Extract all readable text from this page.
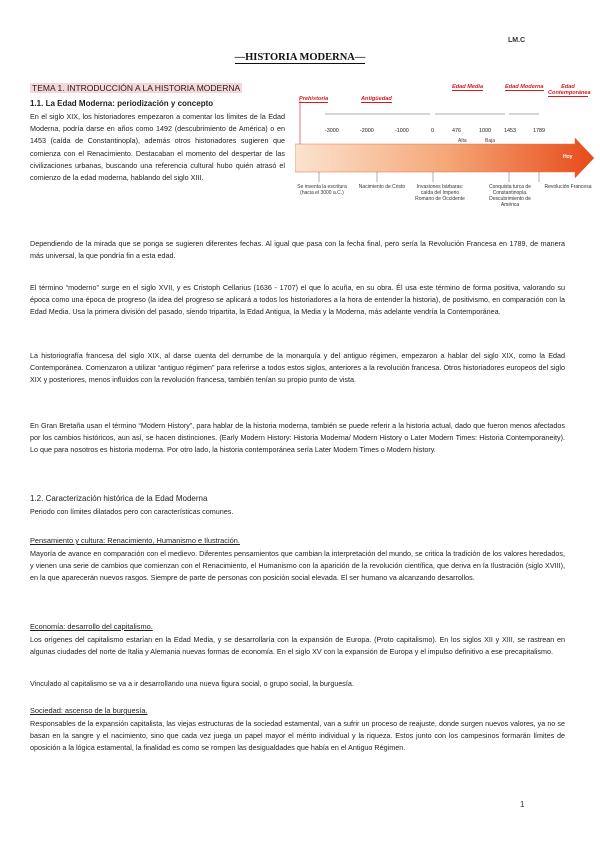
LM.C
—HISTORIA MODERNA—
TEMA 1. INTRODUCCIÓN A LA HISTORIA MODERNA
1.1. La Edad Moderna: periodización y concepto

En el siglo XIX, los historiadores empezaron a comentar los límites de la Edad Moderna, podría darse en años como 1492 (descubrimiento de América) o en 1453 (caída de Constantinopla), además otros historiadores sugieren que comienza con el Renacimiento. Destacaban el momento del despertar de las civilizaciones urbanas, buscando una referencia cultural hubo quién atrasó el comienzo de la edad moderna, hablando del siglo XIII.

Prehistoria	Antigüedad
Edad Media	Edad Moderna	Edad Contemporánea
-3000	-2000	-1000	0	476	1000 1453	1789
Alta	Baja
Hoy
Se inventa la escritura (hacia el 3000 a.C.)
Nacimiento de Cristo	Invasiones bárbaras: caída del Imperio Romano de Occidente
Conquista turca de Constantinopla. Descubrimiento de América
Revolución Francesa

Dependiendo de la mirada que se ponga se sugieren diferentes fechas. Al igual que pasa con la fecha final, pero sería la Revolución Francesa en 1789, de manera más universal, la que pondría fin a esta edad.

El término “moderno” surge en el siglo XVII, y es Cristoph Cellarius (1636 - 1707) el que lo acuña, en su obra. Él usa este término de forma positiva, valorando su época como una época de progreso (la idea del progreso se aplicará a todos los historiadores a la hora de entender la historia), de positivismo, en comparación con la Edad Media. Usa la primera división del pasado, siendo tripartita, la Edad Antigua, la Media y la Moderna, más adelante vendría la Contemporánea.

La historiografía francesa del siglo XIX, al darse cuenta del derrumbe de la monarquía y del antiguo régimen, empezaron a hablar del siglo XIX, como la Edad Contemporánea. Comenzaron a utilizar “antiguo régimen” para referirse a todos estos siglos, anteriores a la revolución francesa. Otros historiadores europeos del siglo XIX y posteriores, menos influidos con la revolución francesa, también tenían su propio punto de vista.

En Gran Bretaña usan el término “Modern History”, para hablar de la historia moderna, también se puede referir a la historia actual, dado que fueron menos afectados por los cambios históricos, aun así, se hacen distinciones. (Early Modern History: Historia Moderna/ Modern History o Later Modern Times: Historia Contemporaneity). Lo que para nosotros es historia moderna. Por otro lado, la historia contemporánea sería Later Modern Times o Modern history.

1.2. Caracterización histórica de la Edad Moderna

Periodo con límites dilatados pero con características comunes.

Pensamiento y cultura: Renacimiento, Humanismo e Ilustración.

Mayoría de avance en comparación con el medievo. Diferentes pensamientos que cambian la interpretación del mundo, se critica la tradición de los valores heredados, y vienen una serie de cambios que comienzan con el Renacimiento, el Humanismo con la aparición de la revolución científica, que deriva en la Ilustración (siglo XVIII), en la que aparecerán nuevos rasgos. Siempre de parte de personas con posición social elevada. El ser humano va alcanzando desarrollos.

Economía: desarrollo del capitalismo.

Los orígenes del capitalismo estarían en la Edad Media, y se desarrollaría con la expansión de Europa. (Proto capitalismo). En los siglos XII y XIII, se rastrean en algunas ciudades del norte de Italia y Alemania nuevas formas de economía. En el siglo XV con la expansión de Europa y el impulso definitivo a ese precapitalismo.

Vinculado al capitalismo se va a ir desarrollando una nueva figura social, o grupo social, la burguesía.

Sociedad: ascenso de la burguesía.

Responsables de la expansión capitalista, las viejas estructuras de la sociedad estamental, van a sufrir un proceso de reajuste, donde surgen nuevos valores, ya no se basan en la sangre y el nacimiento, sino que cada vez juega un papel mayor el mérito individual y la riqueza. Estos junto con los campesinos formarán límites de oposición a la lógica estamental, la finalidad es como se rompen las desigualdades que había en el Antiguo Régimen.

1
